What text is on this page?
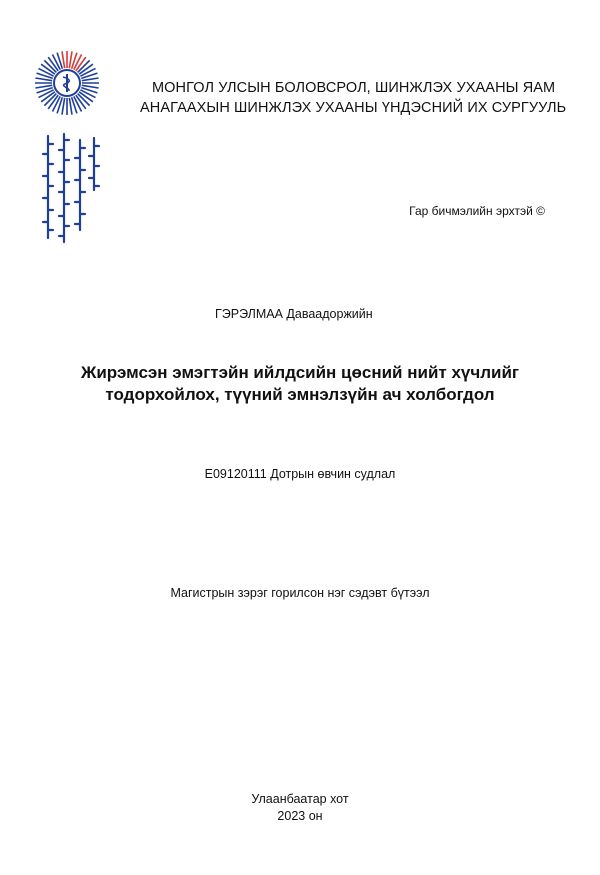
МОНГОЛ УЛСЫН БОЛОВСРОЛ, ШИНЖЛЭХ УХААНЫ ЯАМ
АНАГААХЫН ШИНЖЛЭХ УХААНЫ ҮНДЭСНИЙ ИХ СУРГУУЛЬ
Гар бичмэлийн эрхтэй ©
ГЭРЭЛМАА Даваадоржийн
Жирэмсэн эмэгтэйн ийлдсийн цөсний нийт хүчлийг
тодорхойлох, түүний эмнэлзүйн ач холбогдол
Е09120111 Дотрын өвчин судлал
Магистрын зэрэг горилсон нэг сэдэвт бүтээл
Улаанбаатар хот
2023 он
